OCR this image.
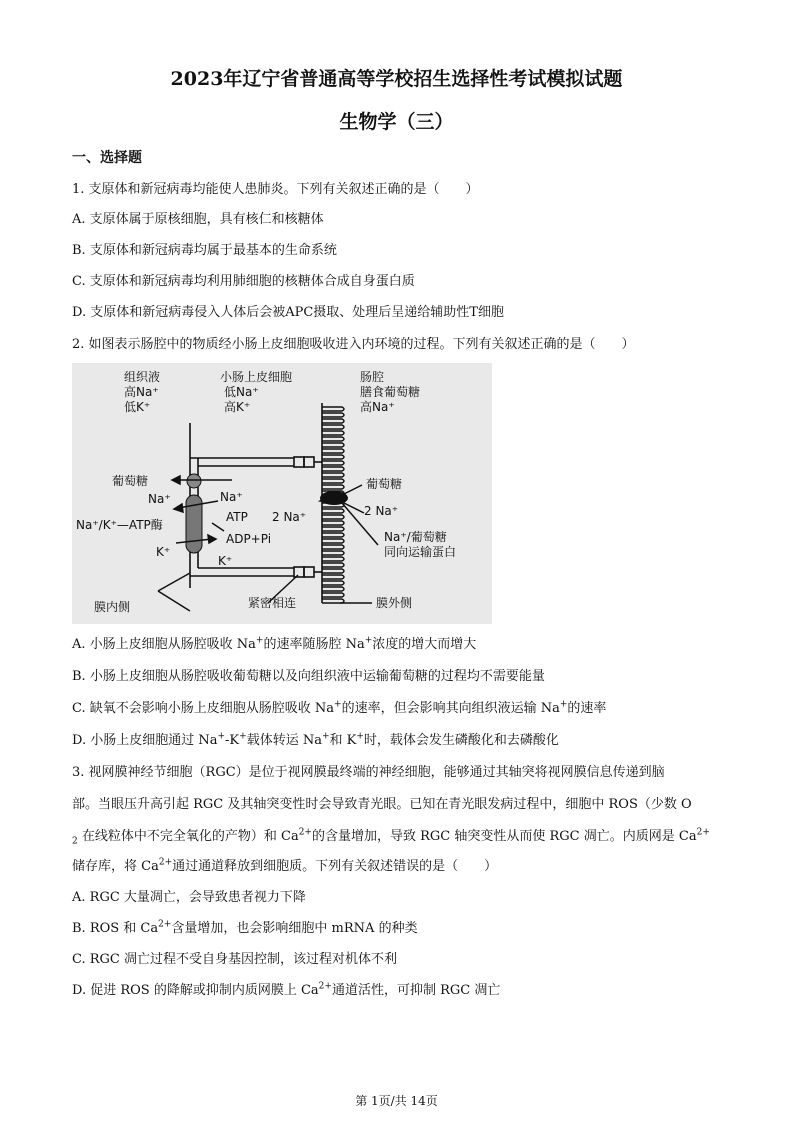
2023年辽宁省普通高等学校招生选择性考试模拟试题
生物学（三）
一、选择题
1. 支原体和新冠病毒均能使人患肺炎。下列有关叙述正确的是（　　）
A. 支原体属于原核细胞，具有核仁和核糖体
B. 支原体和新冠病毒均属于最基本的生命系统
C. 支原体和新冠病毒均利用肺细胞的核糖体合成自身蛋白质
D. 支原体和新冠病毒侵入人体后会被APC摄取、处理后呈递给辅助性T细胞
2. 如图表示肠腔中的物质经小肠上皮细胞吸收进入内环境的过程。下列有关叙述正确的是（　　）
组织液
高Na⁺
低K⁺
小肠上皮细胞
低Na⁺
高K⁺
肠腔
膳食葡萄糖
高Na⁺
葡萄糖
Na⁺	Na⁺
Na⁺/K⁺—ATP酶
ATP 2 Na⁺
ADP+Pi
K⁺
K⁺
葡萄糖
2 Na⁺
Na⁺/葡萄糖
同向运输蛋白
膜内侧	紧密相连	膜外侧
A. 小肠上皮细胞从肠腔吸收 Na+的速率随肠腔 Na+浓度的增大而增大
B. 小肠上皮细胞从肠腔吸收葡萄糖以及向组织液中运输葡萄糖的过程均不需要能量
C. 缺氧不会影响小肠上皮细胞从肠腔吸收 Na+的速率，但会影响其向组织液运输 Na+的速率
D. 小肠上皮细胞通过 Na+-K+载体转运 Na+和 K+时，载体会发生磷酸化和去磷酸化
3. 视网膜神经节细胞（RGC）是位于视网膜最终端的神经细胞，能够通过其轴突将视网膜信息传递到脑
部。当眼压升高引起 RGC 及其轴突变性时会导致青光眼。已知在青光眼发病过程中，细胞中 ROS（少数 O
$_2$ 在线粒体中不完全氧化的产物）和 $Ca^{2+}$的含量增加，导致 RGC 轴突变性从而使 RGC 凋亡。内质网是 $Ca^{2+}$
储存库，将 $Ca^{2+}$通过通道释放到细胞质。下列有关叙述错误的是（　　）
A. RGC 大量凋亡，会导致患者视力下降
B. ROS 和 $Ca^{2+}$含量增加，也会影响细胞中 mRNA 的种类
C. RGC 凋亡过程不受自身基因控制，该过程对机体不利
D. 促进 ROS 的降解或抑制内质网膜上 $Ca^{2+}$通道活性，可抑制 RGC 凋亡
第 1页/共 14页
